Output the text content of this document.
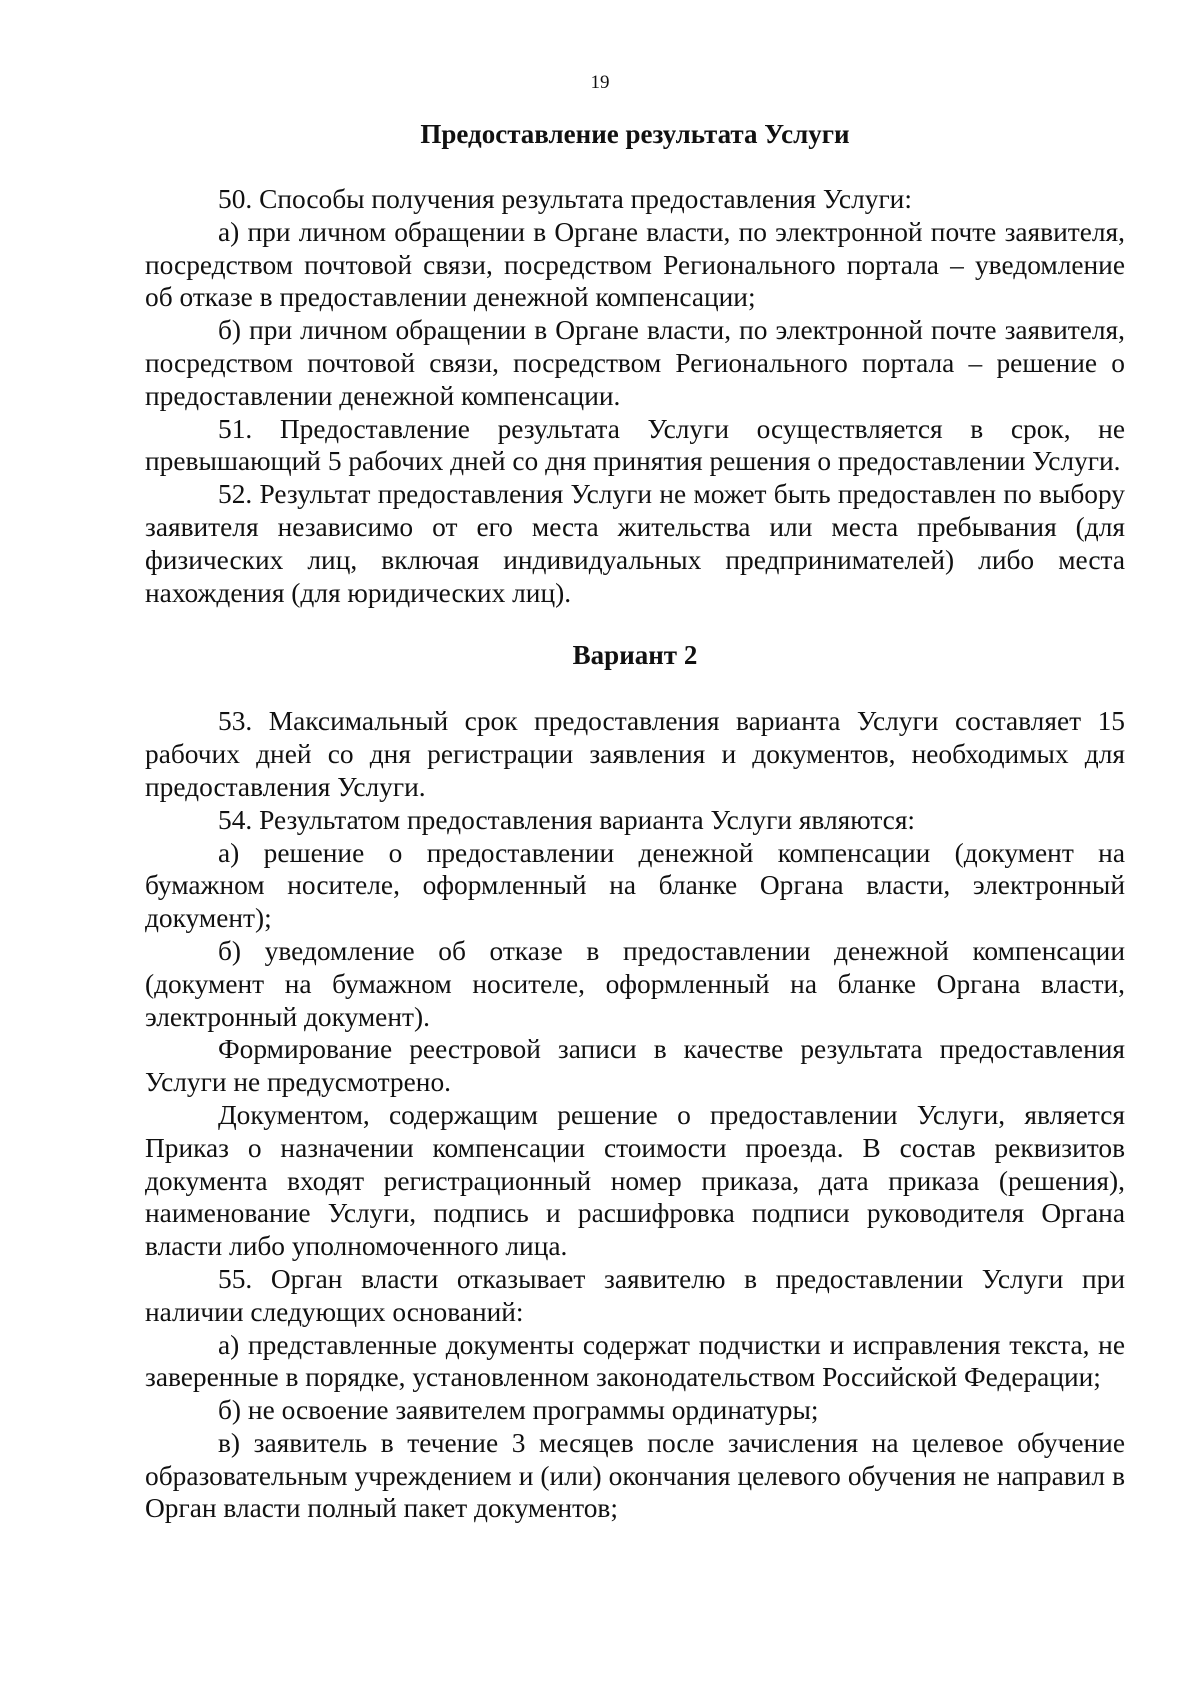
19
Предоставление результата Услуги

50. Способы получения результата предоставления Услуги:

а) при личном обращении в Органе власти, по электронной почте заявителя, посредством почтовой связи, посредством Регионального портала – уведомление об отказе в предоставлении денежной компенсации;

б) при личном обращении в Органе власти, по электронной почте заявителя, посредством почтовой связи, посредством Регионального портала – решение о предоставлении денежной компенсации.

51. Предоставление результата Услуги осуществляется в срок, не превышающий 5 рабочих дней со дня принятия решения о предоставлении Услуги.

52. Результат предоставления Услуги не может быть предоставлен по выбору заявителя независимо от его места жительства или места пребывания (для физических лиц, включая индивидуальных предпринимателей) либо места нахождения (для юридических лиц).

Вариант 2

53. Максимальный срок предоставления варианта Услуги составляет 15 рабочих дней со дня регистрации заявления и документов, необходимых для предоставления Услуги.

54. Результатом предоставления варианта Услуги являются:

а) решение о предоставлении денежной компенсации (документ на бумажном носителе, оформленный на бланке Органа власти, электронный документ);

б) уведомление об отказе в предоставлении денежной компенсации (документ на бумажном носителе, оформленный на бланке Органа власти, электронный документ).

Формирование реестровой записи в качестве результата предоставления Услуги не предусмотрено.

Документом, содержащим решение о предоставлении Услуги, является Приказ о назначении компенсации стоимости проезда. В состав реквизитов документа входят регистрационный номер приказа, дата приказа (решения), наименование Услуги, подпись и расшифровка подписи руководителя Органа власти либо уполномоченного лица.

55. Орган власти отказывает заявителю в предоставлении Услуги при наличии следующих оснований:

а) представленные документы содержат подчистки и исправления текста, не заверенные в порядке, установленном законодательством Российской Федерации;

б) не освоение заявителем программы ординатуры;

в) заявитель в течение 3 месяцев после зачисления на целевое обучение образовательным учреждением и (или) окончания целевого обучения не направил в Орган власти полный пакет документов;
